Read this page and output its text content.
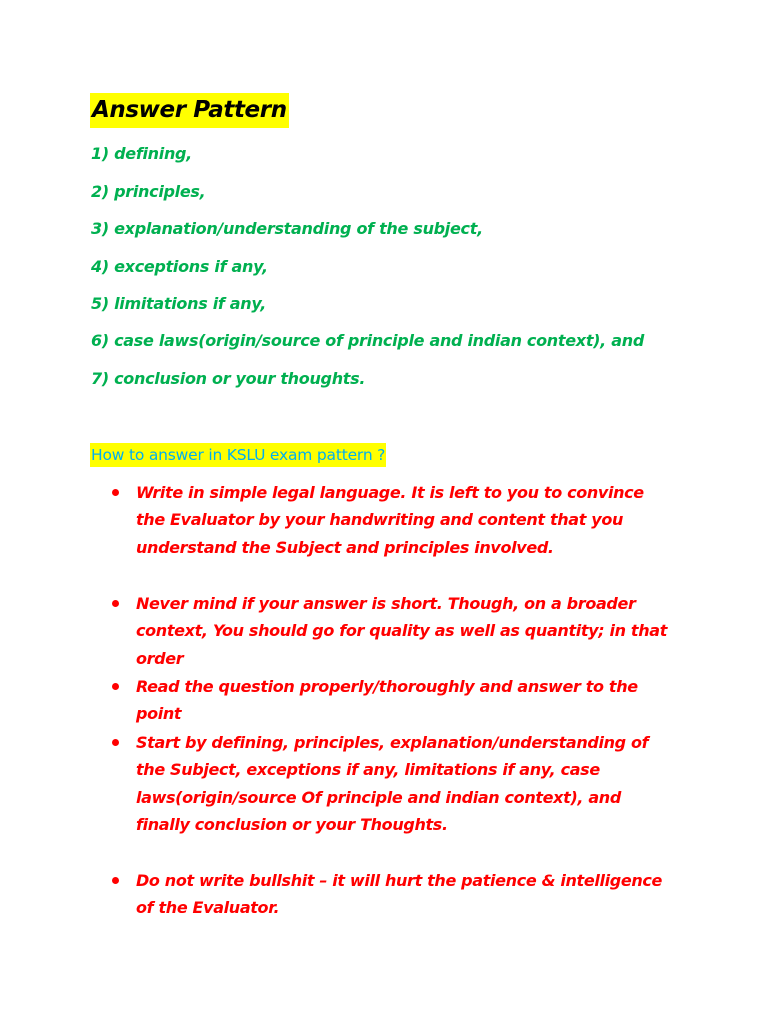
Answer Pattern
1) defining,
2) principles,
3) explanation/understanding of the subject,
4) exceptions if any,
5) limitations if any,
6) case laws(origin/source of principle and indian context), and
7) conclusion or your thoughts.
How to answer in KSLU exam pattern ?

Write in simple legal language. It is left to you to convince the Evaluator by your handwriting and content that you understand the Subject and principles involved.

Never mind if your answer is short. Though, on a broader context, You should go for quality as well as quantity; in that order

Read the question properly/thoroughly and answer to the point

Start by defining, principles, explanation/understanding of the Subject, exceptions if any, limitations if any, case laws(origin/source Of principle and indian context), and finally conclusion or your Thoughts.

Do not write bullshit – it will hurt the patience & intelligence of the Evaluator.
